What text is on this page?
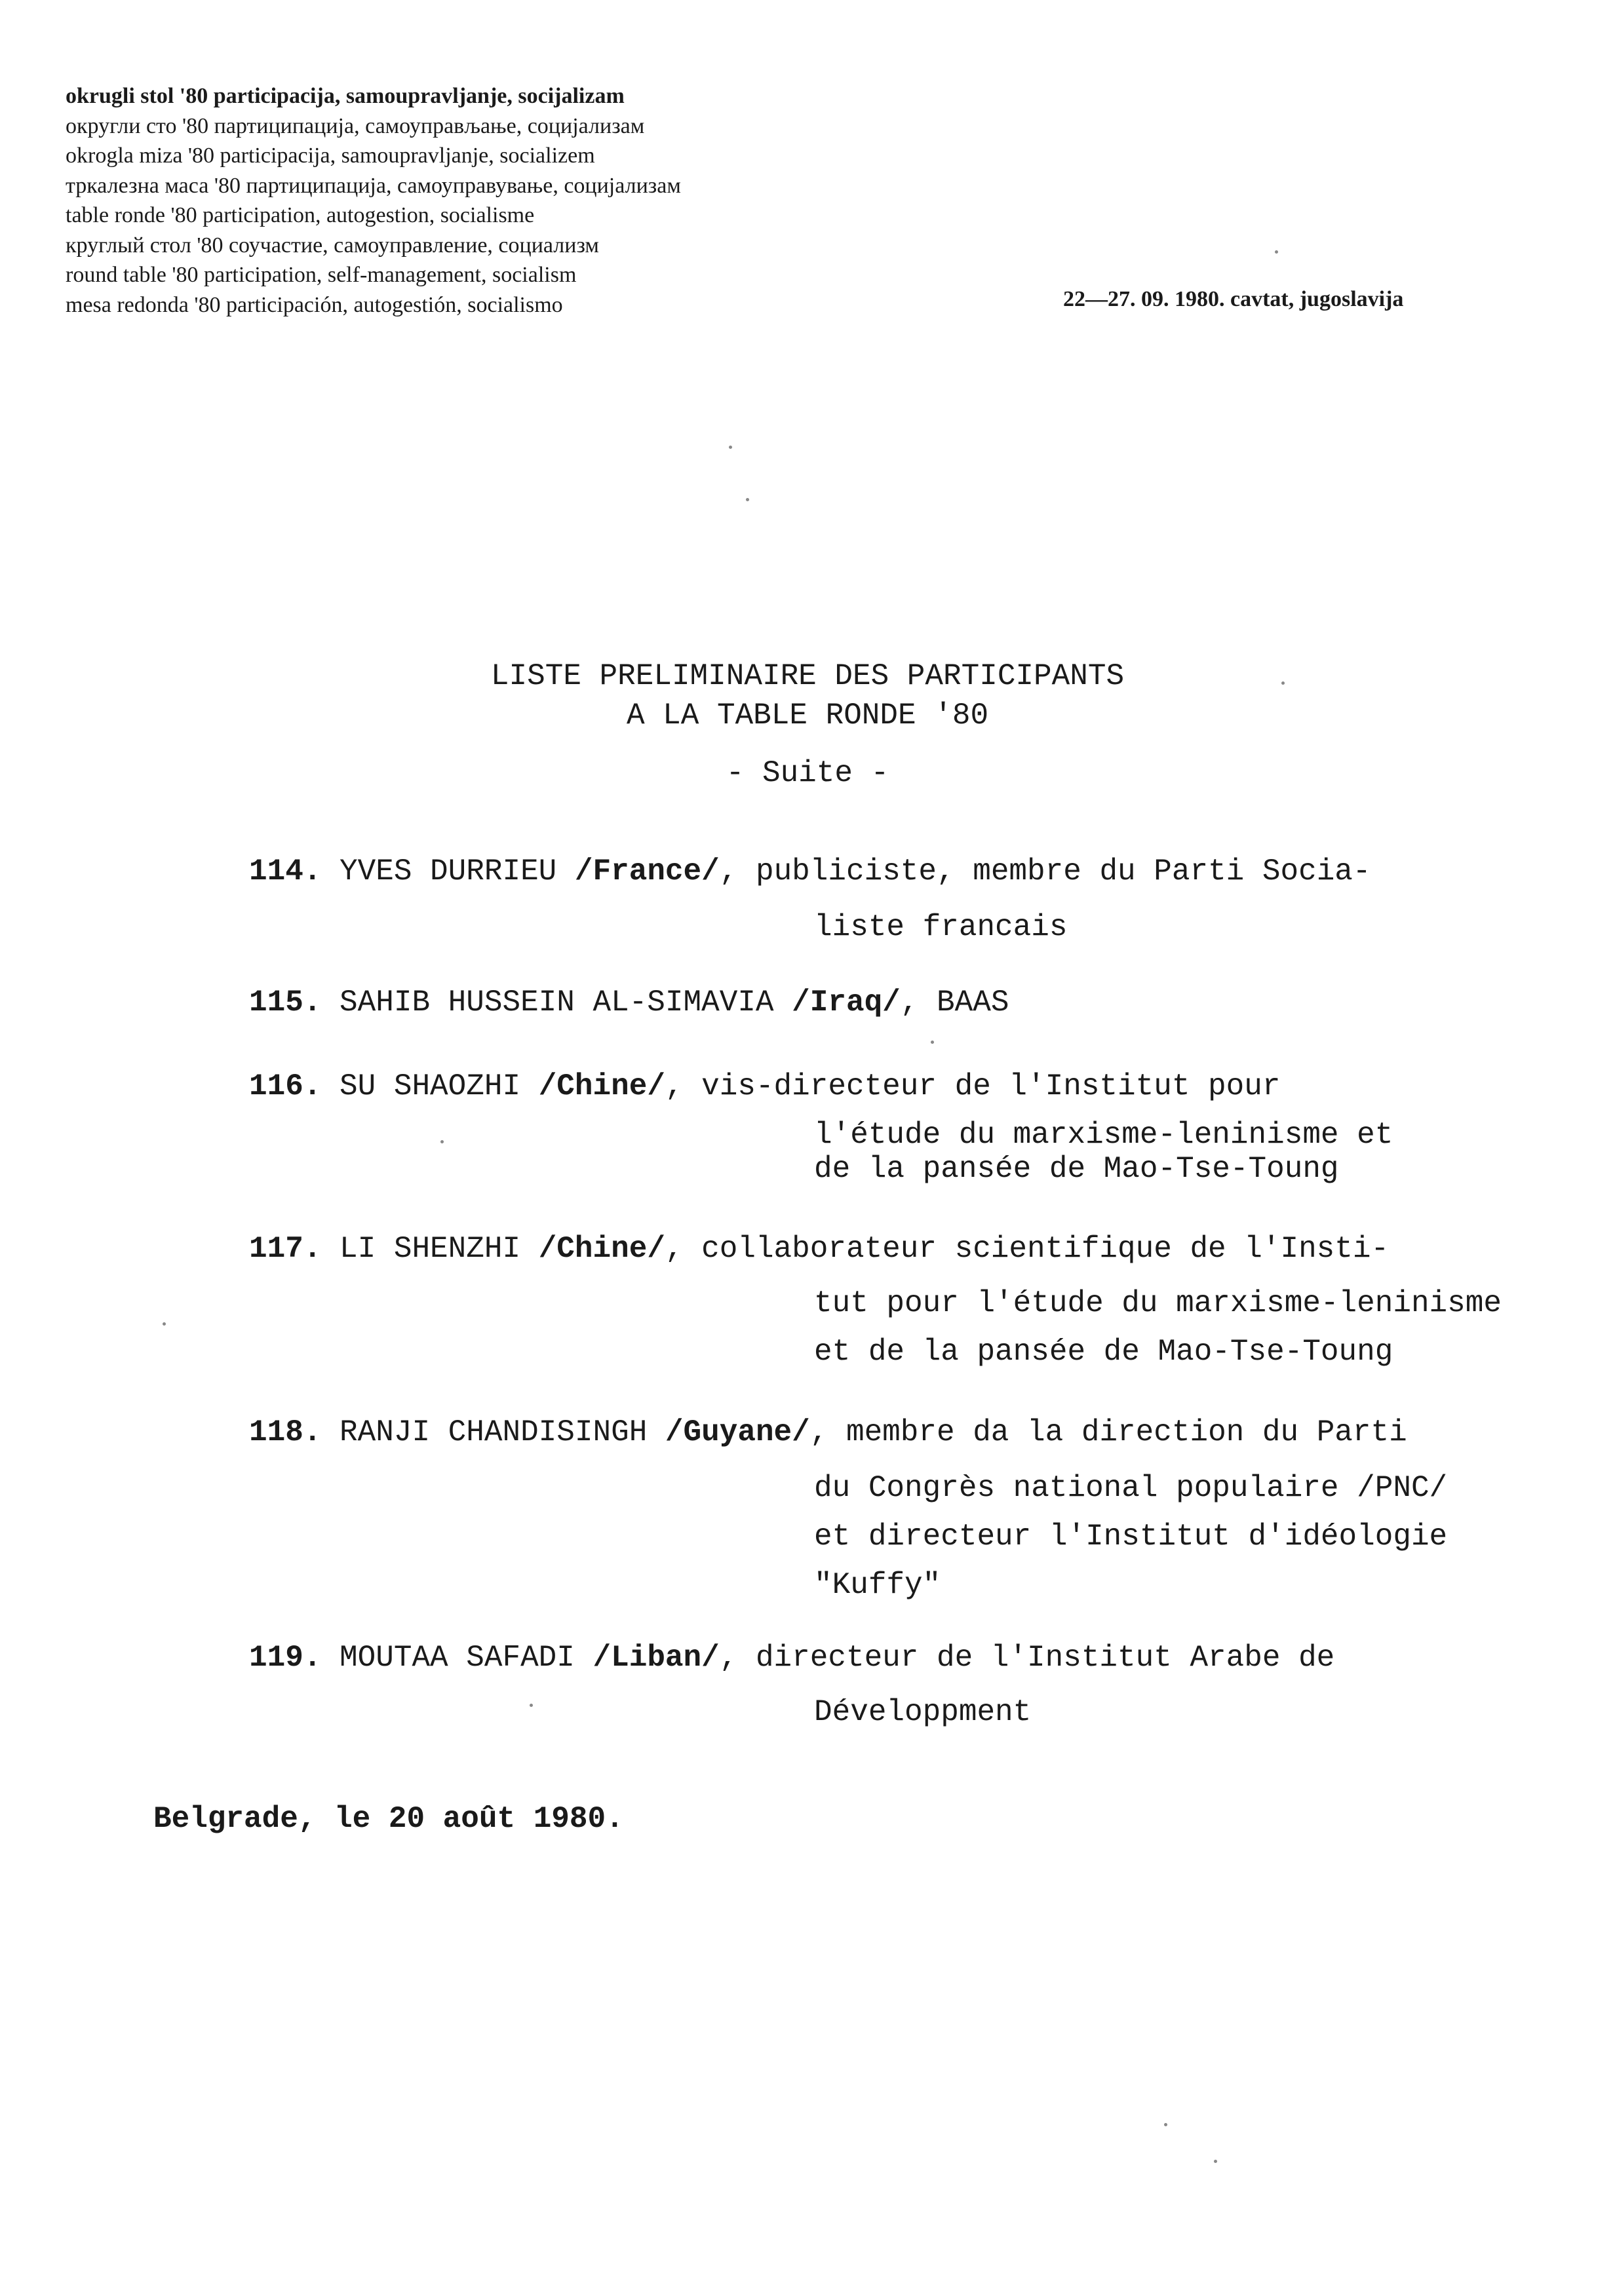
okrugli stol '80 participacija, samoupravljanje, socijalizam
округли сто '80 партиципација, самоуправљање, социјализам
okrogla miza '80 participacija, samoupravljanje, socializem
тркалезна маса '80 партиципација, самоуправување, социјализам
table ronde '80 participation, autogestion, socialisme
круглый стол '80 соучастие, самоуправление, социализм
round table '80 participation, self-management, socialism
mesa redonda '80 participación, autogestión, socialismo	22—27. 09. 1980. cavtat, jugoslavija
LISTE PRELIMINAIRE DES PARTICIPANTS
A LA TABLE RONDE '80
- Suite -
114. YVES DURRIEU /France/, publiciste, membre du Parti Socia-
liste francais
115. SAHIB HUSSEIN AL-SIMAVIA /Iraq/, BAAS
116. SU SHAOZHI /Chine/, vis-directeur de l'Institut pour
l'étude du marxisme-leninisme et
de la pansée de Mao-Tse-Toung
117. LI SHENZHI /Chine/, collaborateur scientifique de l'Insti-
tut pour l'étude du marxisme-leninisme
et de la pansée de Mao-Tse-Toung
118. RANJI CHANDISINGH /Guyane/, membre da la direction du Parti
du Congrès national populaire /PNC/
et directeur l'Institut d'idéologie
"Kuffy"
119. MOUTAA SAFADI /Liban/, directeur de l'Institut Arabe de
Développment
Belgrade, le 20 août 1980.
